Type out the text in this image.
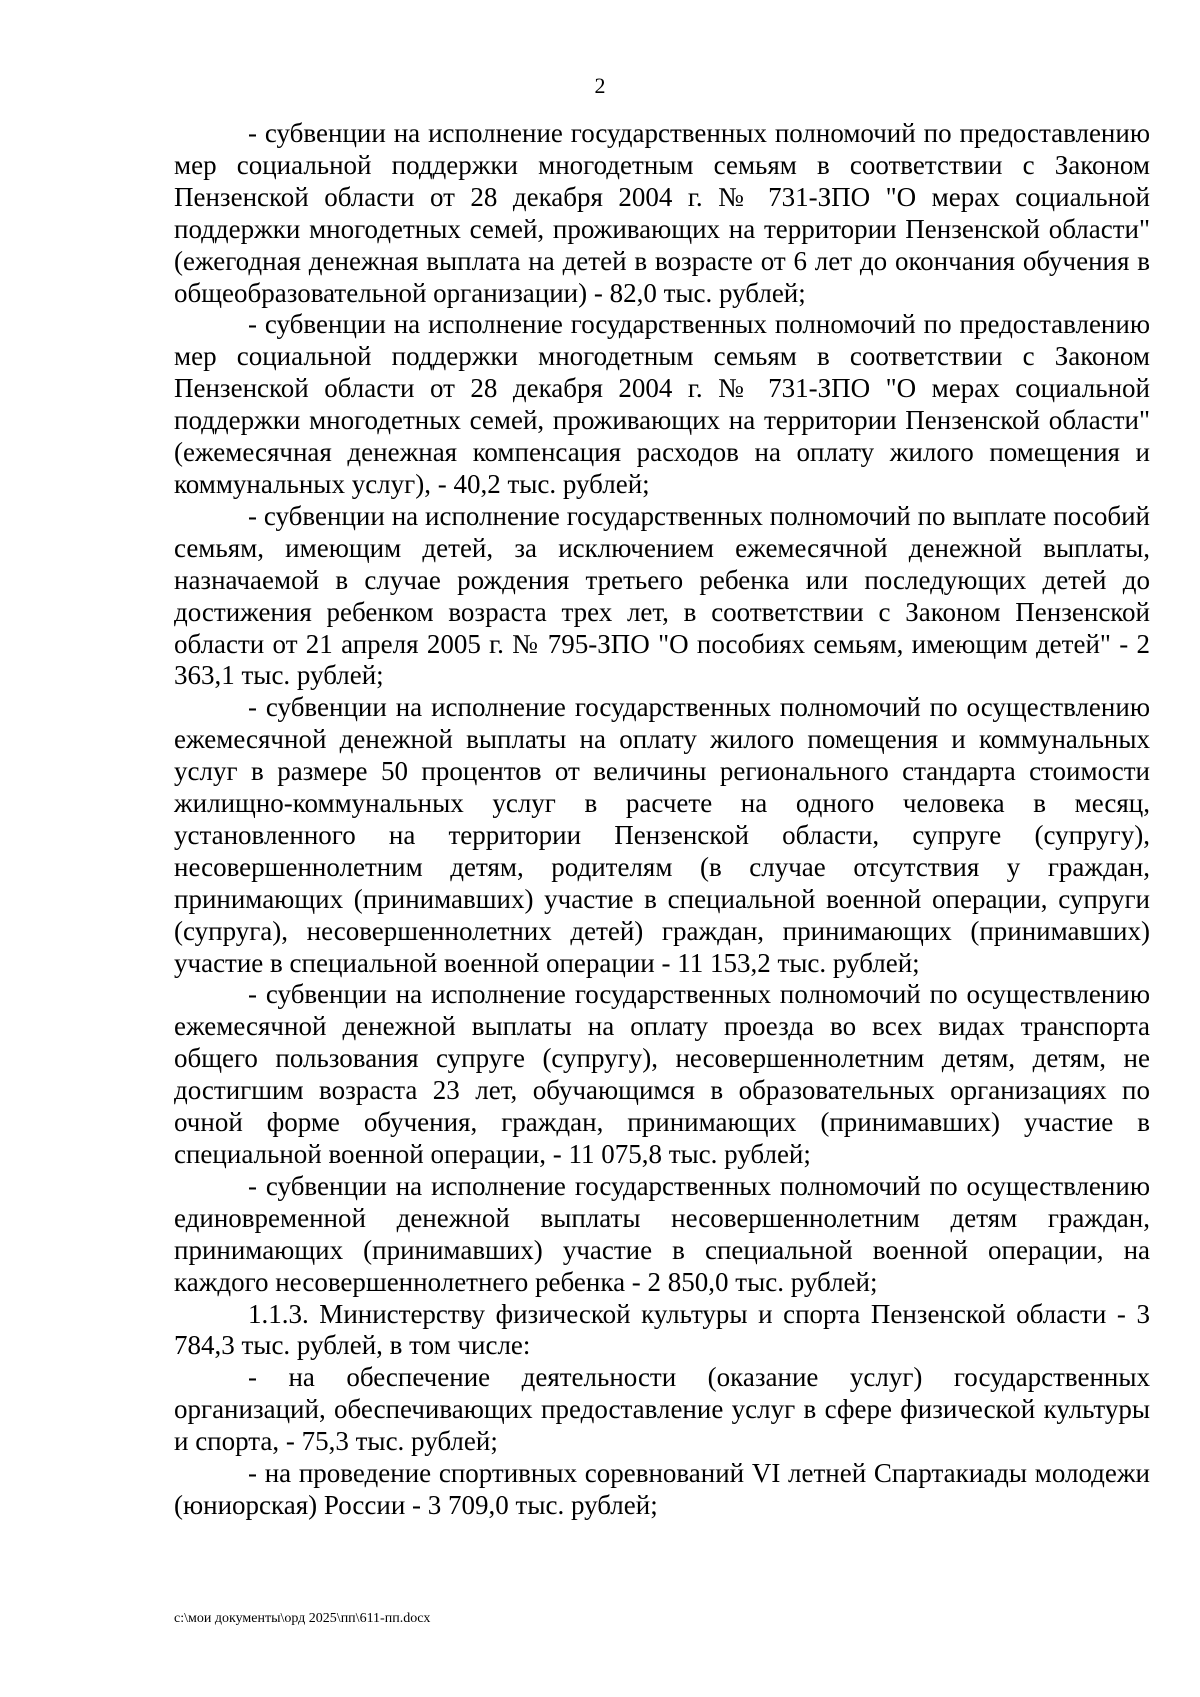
2

- субвенции на исполнение государственных полномочий по предоставлению мер социальной поддержки многодетным семьям в соответствии с Законом Пензенской области от 28 декабря 2004 г. № 731-ЗПО "О мерах социальной поддержки многодетных семей, проживающих на территории Пензенской области" (ежегодная денежная выплата на детей в возрасте от 6 лет до окончания обучения в общеобразовательной организации) - 82,0 тыс. рублей;

- субвенции на исполнение государственных полномочий по предоставлению мер социальной поддержки многодетным семьям в соответствии с Законом Пензенской области от 28 декабря 2004 г. № 731-ЗПО "О мерах социальной поддержки многодетных семей, проживающих на территории Пензенской области" (ежемесячная денежная компенсация расходов на оплату жилого помещения и коммунальных услуг), - 40,2 тыс. рублей;

- субвенции на исполнение государственных полномочий по выплате пособий семьям, имеющим детей, за исключением ежемесячной денежной выплаты, назначаемой в случае рождения третьего ребенка или последующих детей до достижения ребенком возраста трех лет, в соответствии с Законом Пензенской области от 21 апреля 2005 г. № 795-ЗПО "О пособиях семьям, имеющим детей" - 2 363,1 тыс. рублей;

- субвенции на исполнение государственных полномочий по осуществлению ежемесячной денежной выплаты на оплату жилого помещения и коммунальных услуг в размере 50 процентов от величины регионального стандарта стоимости жилищно-коммунальных услуг в расчете на одного человека в месяц, установленного на территории Пензенской области, супруге (супругу), несовершеннолетним детям, родителям (в случае отсутствия у граждан, принимающих (принимавших) участие в специальной военной операции, супруги (супруга), несовершеннолетних детей) граждан, принимающих (принимавших) участие в специальной военной операции - 11 153,2 тыс. рублей;

- субвенции на исполнение государственных полномочий по осуществлению ежемесячной денежной выплаты на оплату проезда во всех видах транспорта общего пользования супруге (супругу), несовершеннолетним детям, детям, не достигшим возраста 23 лет, обучающимся в образовательных организациях по очной форме обучения, граждан, принимающих (принимавших) участие в специальной военной операции, - 11 075,8 тыс. рублей;

- субвенции на исполнение государственных полномочий по осуществлению единовременной денежной выплаты несовершеннолетним детям граждан, принимающих (принимавших) участие в специальной военной операции, на каждого несовершеннолетнего ребенка - 2 850,0 тыс. рублей;

1.1.3. Министерству физической культуры и спорта Пензенской области - 3 784,3 тыс. рублей, в том числе:

- на обеспечение деятельности (оказание услуг) государственных организаций, обеспечивающих предоставление услуг в сфере физической культуры и спорта, - 75,3 тыс. рублей;

- на проведение спортивных соревнований VI летней Спартакиады молодежи (юниорская) России - 3 709,0 тыс. рублей;

c:\мои документы\орд 2025\пп\611-пп.docx
